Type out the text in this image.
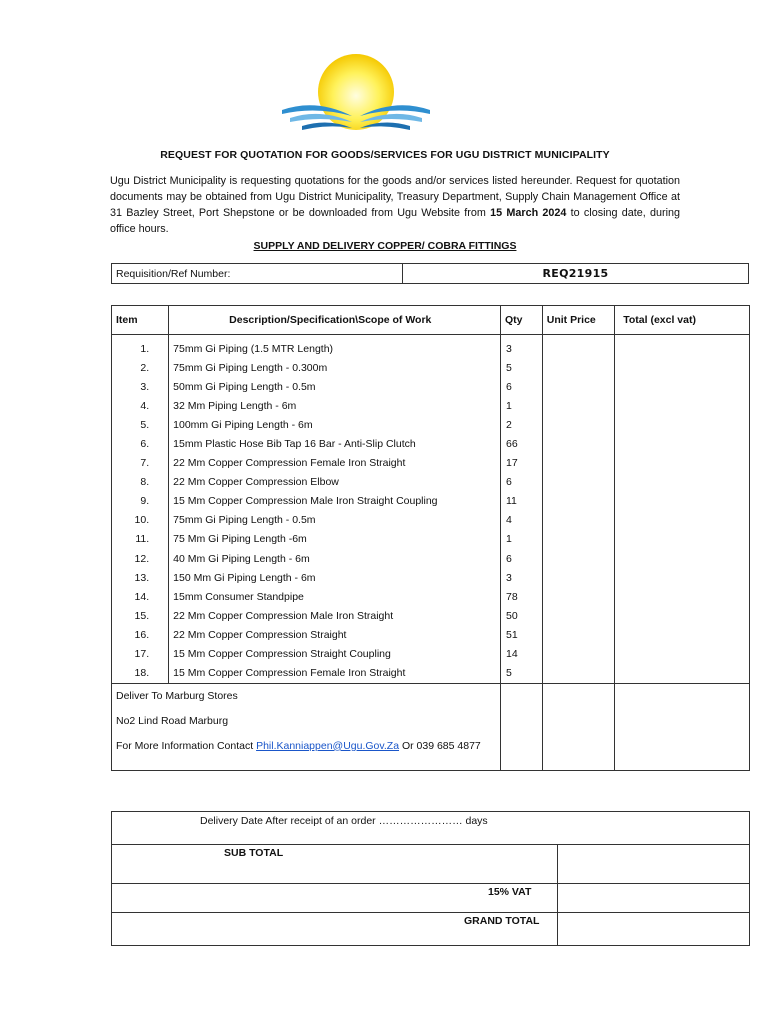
REQUEST FOR QUOTATION FOR GOODS/SERVICES FOR UGU DISTRICT MUNICIPALITY
Ugu District Municipality is requesting quotations for the goods and/or services listed hereunder. Request for quotation documents may be obtained from Ugu District Municipality, Treasury Department, Supply Chain Management Office at 31 Bazley Street, Port Shepstone or be downloaded from Ugu Website from 15 March 2024 to closing date, during office hours.
SUPPLY AND DELIVERY COPPER/ COBRA FITTINGS
Requisition/Ref Number:	REQ21915
Item	Description/Specification\Scope of Work	Qty	Unit Price	Total (excl vat)
1.	75mm Gi Piping (1.5 MTR Length)	3		
2.	75mm Gi Piping Length - 0.300m	5		
3.	50mm Gi Piping Length - 0.5m	6		
4.	32 Mm Piping Length - 6m	1		
5.	100mm Gi Piping Length - 6m	2		
6.	15mm Plastic Hose Bib Tap 16 Bar - Anti-Slip Clutch	66		
7.	22 Mm Copper Compression Female Iron Straight	17		
8.	22 Mm Copper Compression Elbow	6		
9.	15 Mm Copper Compression Male Iron Straight Coupling	11		
10.	75mm Gi Piping Length - 0.5m	4		
11.	75 Mm Gi Piping Length -6m	1		
12.	40 Mm Gi Piping Length - 6m	6		
13.	150 Mm Gi Piping Length - 6m	3		
14.	15mm Consumer Standpipe	78		
15.	22 Mm Copper Compression Male Iron Straight	50		
16.	22 Mm Copper Compression Straight	51		
17.	15 Mm Copper Compression Straight Coupling	14		
18.	15 Mm Copper Compression Female Iron Straight	5		

Deliver To Marburg Stores

No2 Lind Road Marburg

For More Information Contact Phil.Kanniappen@Ugu.Gov.Za Or 039 685 4877				

Delivery Date After receipt of an order …………………… days	
SUB TOTAL	
15% VAT	
GRAND TOTAL	
